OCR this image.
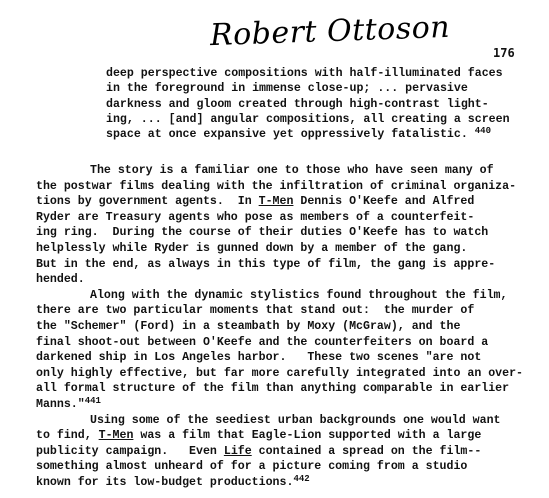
Robert Ottoson	176
deep perspective compositions with half-illuminated faces
in the foreground in immense close-up; ... pervasive
darkness and gloom created through high-contrast light-
ing, ... [and] angular compositions, all creating a screen
space at once expansive yet oppressively fatalistic. $^{440}$
The story is a familiar one to those who have seen many of
the postwar films dealing with the infiltration of criminal organiza-
tions by government agents.  In T-Men Dennis O'Keefe and Alfred
Ryder are Treasury agents who pose as members of a counterfeit-
ing ring.  During the course of their duties O'Keefe has to watch
helplessly while Ryder is gunned down by a member of the gang.
But in the end, as always in this type of film, the gang is appre-
hended.
Along with the dynamic stylistics found throughout the film,
there are two particular moments that stand out:  the murder of
the "Schemer" (Ford) in a steambath by Moxy (McGraw), and the
final shoot-out between O'Keefe and the counterfeiters on board a
darkened ship in Los Angeles harbor.   These two scenes "are not
only highly effective, but far more carefully integrated into an over-
all formal structure of the film than anything comparable in earlier
Manns."$^{441}$
Using some of the seediest urban backgrounds one would want
to find, T-Men was a film that Eagle-Lion supported with a large
publicity campaign.   Even Life contained a spread on the film--
something almost unheard of for a picture coming from a studio
known for its low-budget productions.$^{442}$
